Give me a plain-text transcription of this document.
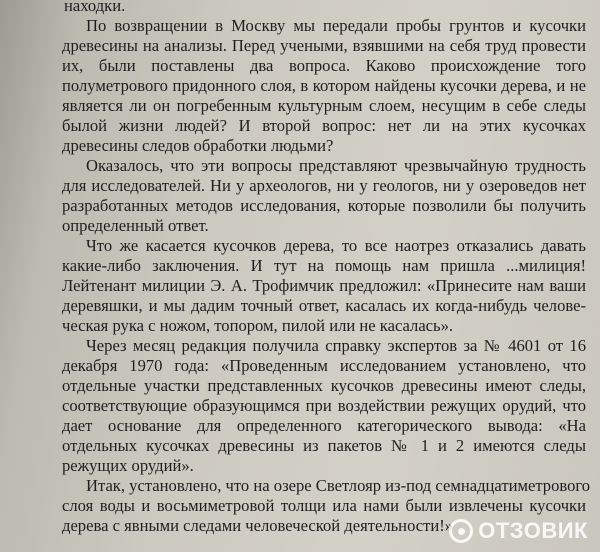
находки.
По возвращении в Москву мы передали пробы грунтов и кусочки
древесины на анализы. Перед учеными, взявшими на себя труд провести
их, были поставлены два вопроса. Каково происхождение того
полуметрового придонного слоя, в котором найдены кусочки дерева, и не
является ли он погребенным культурным слоем, несущим в себе следы
былой жизни людей? И второй вопрос: нет ли на этих кусочках
древесины следов обработки людьми?
Оказалось, что эти вопросы представляют чрезвычайную трудность
для исследователей. Ни у археологов, ни у геологов, ни у озероведов нет
разработанных методов исследования, которые позволили бы получить
определенный ответ.
Что же касается кусочков дерева, то все наотрез отказались давать
какие-либо заключения. И тут на помощь нам пришла ...милиция!
Лейтенант милиции Э. А. Трофимчик предложил: «Принесите нам ваши
деревяшки, и мы дадим точный ответ, касалась их когда-нибудь челове-
ческая рука с ножом, топором, пилой или не касалась».
Через месяц редакция получила справку экспертов за № 4601 от 16
декабря 1970 года: «Проведенным исследованием установлено, что
отдельные участки представленных кусочков древесины имеют следы,
соответствующие образующимся при воздействии режущих орудий, что
дает основание для определенного категорического вывода: «На
отдельных кусочках древесины из пакетов № 1 и 2 имеются следы
режущих орудий».
Итак, установлено, что на озере Светлояр из-под семнадцатиметрового
слоя воды и восьмиметровой толщи ила нами были извлечены кусочки
дерева с явными следами человеческой деятельности!»	ОТЗОВИК
